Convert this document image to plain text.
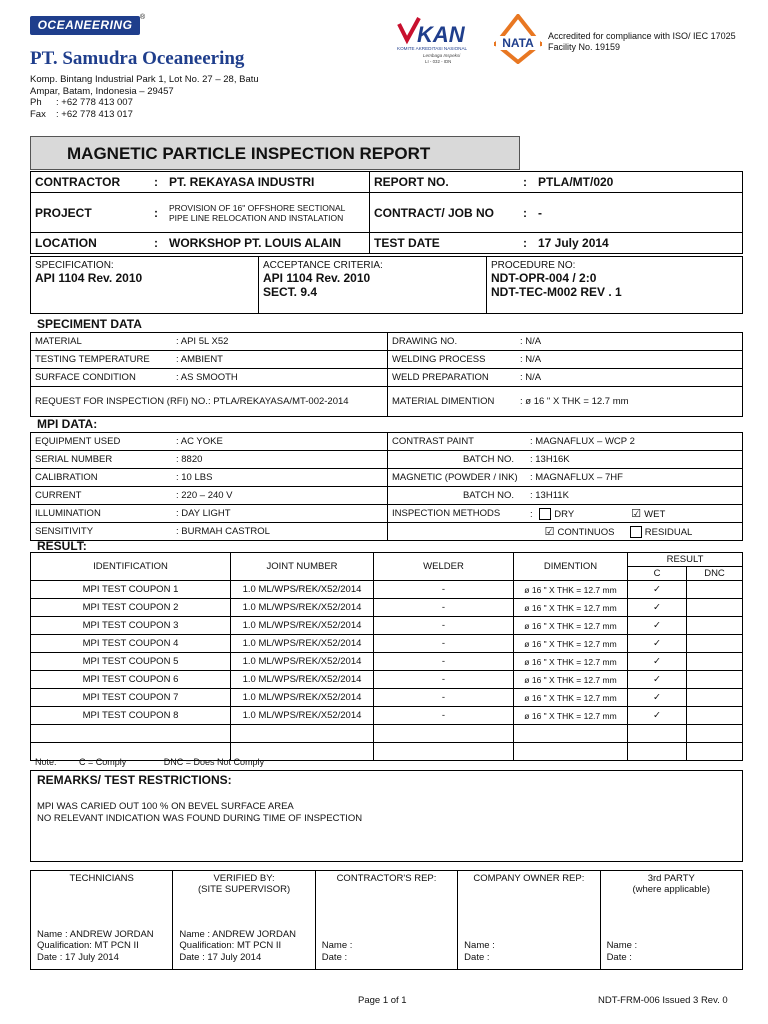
OCEANEERING
®
PT. Samudra Oceaneering
Komp. Bintang Industrial Park 1, Lot No. 27 – 28, Batu
Ampar, Batam, Indonesia – 29457
Ph : +62 778 413 007
Fax : +62 778 413 017
KAN
KOMITE AKREDITASI NASIONAL
Lembaga Inspeksi
LI - 032 - IDN
NATA Accredited for compliance with ISO/ IEC 17025
Facility No. 19159
MAGNETIC PARTICLE INSPECTION REPORT
CONTRACTOR	:	PT. REKAYASA INDUSTRI	REPORT NO.	:	PTLA/MT/020
PROJECT	:	PROVISION OF 16" OFFSHORE SECTIONAL PIPE LINE RELOCATION AND INSTALATION	CONTRACT/ JOB NO	:	-
LOCATION	:	WORKSHOP PT. LOUIS ALAIN	TEST DATE	:	17 July 2014
SPECIFICATION:
API 1104 Rev. 2010

ACCEPTANCE CRITERIA:
API 1104 Rev. 2010
SECT. 9.4

PROCEDURE NO:
NDT-OPR-004 / 2:0
NDT-TEC-M002 REV . 1
SPECIMENT DATA
MATERIAL	: API 5L X52	DRAWING NO.	: N/A
TESTING TEMPERATURE	: AMBIENT	WELDING PROCESS	: N/A
SURFACE CONDITION	: AS SMOOTH	WELD PREPARATION	: N/A
REQUEST FOR INSPECTION (RFI) NO.: PTLA/REKAYASA/MT-002-2014		MATERIAL DIMENTION	: ø 16 " X THK = 12.7 mm
MPI DATA:
EQUIPMENT USED	: AC YOKE	CONTRAST PAINT	: MAGNAFLUX – WCP 2
SERIAL NUMBER	: 8820	BATCH NO.	: 13H16K
CALIBRATION	: 10 LBS	MAGNETIC (POWDER / INK)	: MAGNAFLUX – 7HF
CURRENT	: 220 – 240 V	BATCH NO.	: 13H11K
ILLUMINATION	: DAY LIGHT	INSPECTION METHODS	: DRY ☑ WET
SENSITIVITY	: BURMAH CASTROL		☑ CONTINUOS RESIDUAL
RESULT:
IDENTIFICATION	JOINT NUMBER	WELDER	DIMENTION	RESULT	
				C	DNC
MPI TEST COUPON 1	1.0 ML/WPS/REK/X52/2014	-	ø 16 " X THK = 12.7 mm	✓	
MPI TEST COUPON 2	1.0 ML/WPS/REK/X52/2014	-	ø 16 " X THK = 12.7 mm	✓	
MPI TEST COUPON 3	1.0 ML/WPS/REK/X52/2014	-	ø 16 " X THK = 12.7 mm	✓	
MPI TEST COUPON 4	1.0 ML/WPS/REK/X52/2014	-	ø 16 " X THK = 12.7 mm	✓	
MPI TEST COUPON 5	1.0 ML/WPS/REK/X52/2014	-	ø 16 " X THK = 12.7 mm	✓	
MPI TEST COUPON 6	1.0 ML/WPS/REK/X52/2014	-	ø 16 " X THK = 12.7 mm	✓	
MPI TEST COUPON 7	1.0 ML/WPS/REK/X52/2014	-	ø 16 " X THK = 12.7 mm	✓	
MPI TEST COUPON 8	1.0 ML/WPS/REK/X52/2014	-	ø 16 " X THK = 12.7 mm	✓	

Note:         C = Comply               DNC = Does Not Comply
REMARKS/ TEST RESTRICTIONS:
MPI WAS CARIED OUT 100 % ON BEVEL SURFACE AREA
NO RELEVANT INDICATION WAS FOUND DURING TIME OF INSPECTION
TECHNICIANS
Name : ANDREW JORDAN
Qualification: MT PCN II
Date : 17 July 2014

VERIFIED BY:
(SITE SUPERVISOR)
Name : ANDREW JORDAN
Qualification: MT PCN II
Date : 17 July 2014

CONTRACTOR'S REP:
Name :
Date :

COMPANY OWNER REP:
Name :
Date :

3rd PARTY
(where applicable)
Name :
Date :
Page 1 of 1	NDT-FRM-006 Issued 3 Rev. 0
